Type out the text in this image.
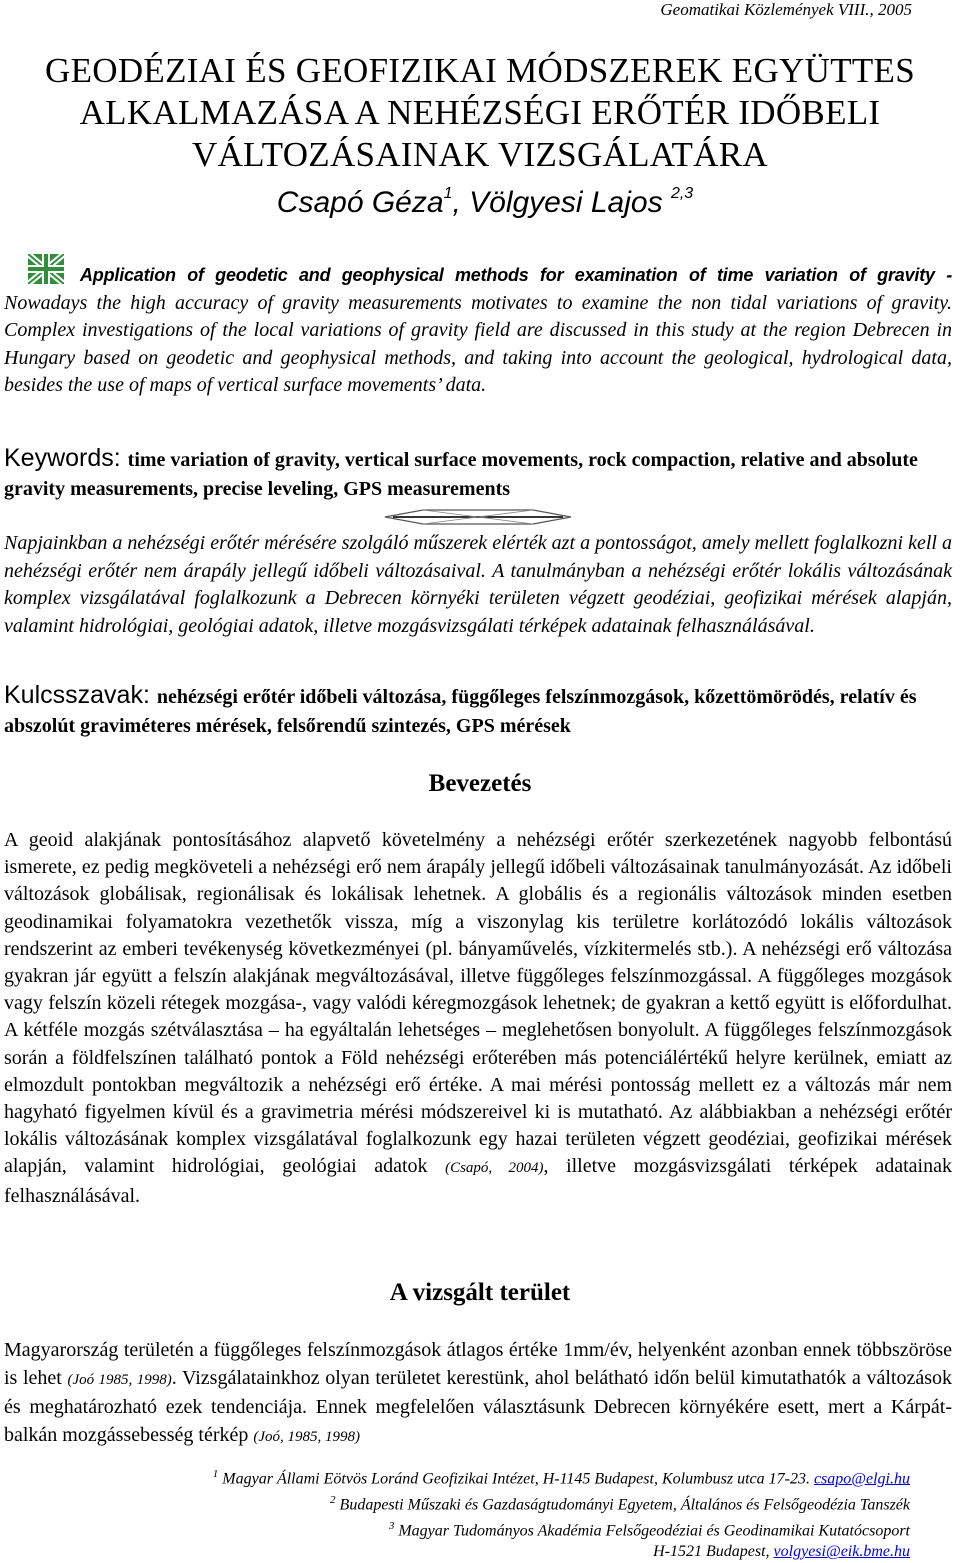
Geomatikai Közlemények VIII., 2005
GEODÉZIAI ÉS GEOFIZIKAI MÓDSZEREK EGYÜTTES
ALKALMAZÁSA A NEHÉZSÉGI ERŐTÉR IDŐBELI
VÁLTOZÁSAINAK VIZSGÁLATÁRA
Csapó Géza$^1$, Völgyesi Lajos $^{2,3}$
Application of geodetic and geophysical methods for examination of time variation of gravity - Nowadays the high accuracy of gravity measurements motivates to examine the non tidal variations of gravity. Complex investigations of the local variations of gravity field are discussed in this study at the region Debrecen in Hungary based on geodetic and geophysical methods, and taking into account the geological, hydrological data, besides the use of maps of vertical surface movements’ data.
Keywords: time variation of gravity, vertical surface movements, rock compaction, relative and absolute gravity measurements, precise leveling, GPS measurements
Napjainkban a nehézségi erőtér mérésére szolgáló műszerek elérték azt a pontosságot, amely mellett foglalkozni kell a nehézségi erőtér nem árapály jellegű időbeli változásaival. A tanulmányban a nehézségi erőtér lokális változásának komplex vizsgálatával foglalkozunk a Debrecen környéki területen végzett geodéziai, geofizikai mérések alapján, valamint hidrológiai, geológiai adatok, illetve mozgásvizsgálati térképek adatainak felhasználásával.
Kulcsszavak: nehézségi erőtér időbeli változása, függőleges felszínmozgások, kőzettömörödés, relatív és abszolút graviméteres mérések, felsőrendű szintezés, GPS mérések
Bevezetés
A geoid alakjának pontosításához alapvető követelmény a nehézségi erőtér szerkezetének nagyobb felbontású ismerete, ez pedig megköveteli a nehézségi erő nem árapály jellegű időbeli változásainak tanulmányozását. Az időbeli változások globálisak, regionálisak és lokálisak lehetnek. A globális és a regionális változások minden esetben geodinamikai folyamatokra vezethetők vissza, míg a viszonylag kis területre korlátozódó lokális változások rendszerint az emberi tevékenység következményei (pl. bányaművelés, vízkitermelés stb.). A nehézségi erő változása gyakran jár együtt a felszín alakjának megváltozásával, illetve függőleges felszínmozgással. A függőleges mozgások vagy felszín közeli rétegek mozgása-, vagy valódi kéregmozgások lehetnek; de gyakran a kettő együtt is előfordulhat. A kétféle mozgás szétválasztása – ha egyáltalán lehetséges – meglehetősen bonyolult. A függőleges felszínmozgások során a földfelszínen található pontok a Föld nehézségi erőterében más potenciálértékű helyre kerülnek, emiatt az elmozdult pontokban megváltozik a nehézségi erő értéke. A mai mérési pontosság mellett ez a változás már nem hagyható figyelmen kívül és a gravimetria mérési módszereivel ki is mutatható. Az alábbiakban a nehézségi erőtér lokális változásának komplex vizsgálatával foglalkozunk egy hazai területen végzett geodéziai, geofizikai mérések alapján, valamint hidrológiai, geológiai adatok (Csapó, 2004), illetve mozgásvizsgálati térképek adatainak felhasználásával.
A vizsgált terület
Magyarország területén a függőleges felszínmozgások átlagos értéke 1mm/év, helyenként azonban ennek többszöröse is lehet (Joó 1985, 1998). Vizsgálatainkhoz olyan területet kerestünk, ahol belátható időn belül kimutathatók a változások és meghatározható ezek tendenciája. Ennek megfelelően választásunk Debrecen környékére esett, mert a Kárpát-balkán mozgássebesség térkép (Joó, 1985, 1998)
$^1$ Magyar Állami Eötvös Loránd Geofizikai Intézet, H-1145 Budapest, Kolumbusz utca 17-23. csapo@elgi.hu
$^2$ Budapesti Műszaki és Gazdaságtudományi Egyetem, Általános és Felsőgeodézia Tanszék
$^3$ Magyar Tudományos Akadémia Felsőgeodéziai és Geodinamikai Kutatócsoport
H-1521 Budapest, volgyesi@eik.bme.hu
